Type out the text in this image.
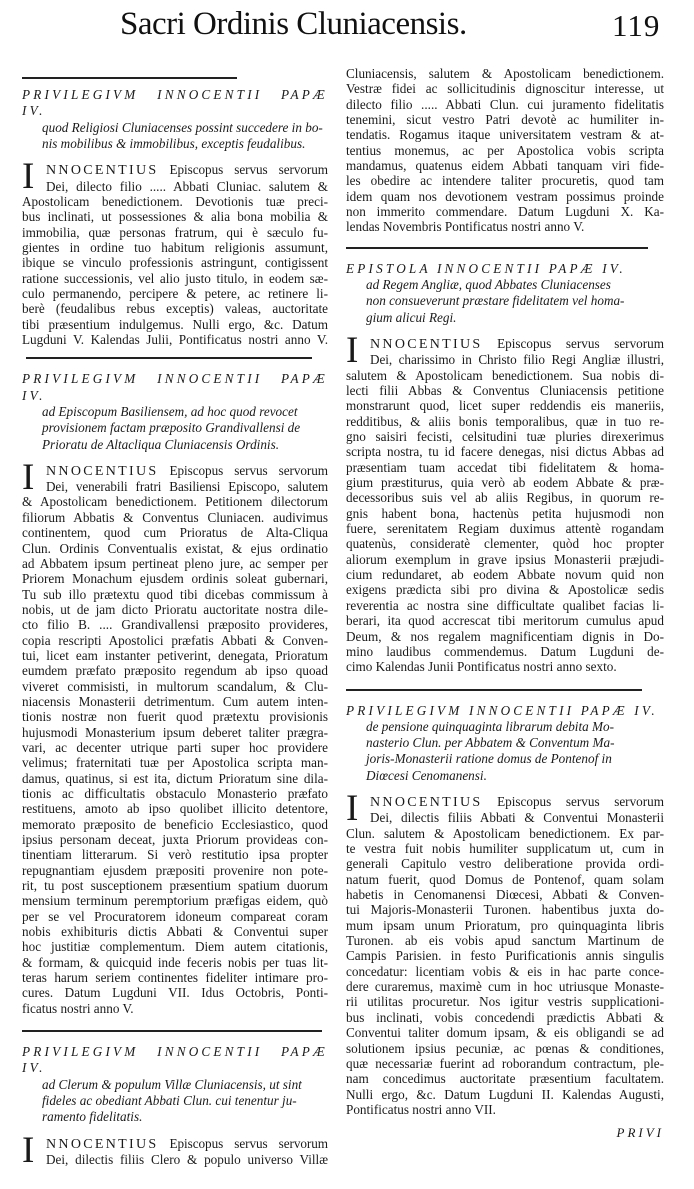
Sacri Ordinis Cluniacensis.	119
PRIVILEGIVM INNOCENTII PAPÆ IV.
quod Religiosi Cluniacenses possint succedere in bo-
nis mobilibus & immobilibus, exceptis feudalibus.
I NNOCENTIUS Episcopus servus servorum
Dei, dilecto filio ..... Abbati Cluniac. salutem &
Apostolicam benedictionem. Devotionis tuæ preci-
bus inclinati, ut possessiones & alia bona mobilia &
immobilia, quæ personas fratrum, qui è sæculo fu-
gientes in ordine tuo habitum religionis assumunt,
ibique se vinculo professionis astringunt, contigissent
ratione successionis, vel alio justo titulo, in eodem sæ-
culo permanendo, percipere & petere, ac retinere li-
berè (feudalibus rebus exceptis) valeas, auctoritate
tibi præsentium indulgemus. Nulli ergo, &c. Datum
Lugduni V. Kalendas Julii, Pontificatus nostri anno V.
PRIVILEGIVM INNOCENTII PAPÆ IV.
ad Episcopum Basiliensem, ad hoc quod revocet
provisionem factam præposito Grandivallensi de
Prioratu de Altacliqua Cluniacensis Ordinis.
I NNOCENTIUS Episcopus servus servorum
Dei, venerabili fratri Basiliensi Episcopo, salutem
& Apostolicam benedictionem. Petitionem dilectorum
filiorum Abbatis & Conventus Cluniacen. audivimus
continentem, quod cum Prioratus de Alta-Cliqua
Clun. Ordinis Conventualis existat, & ejus ordinatio
ad Abbatem ipsum pertineat pleno jure, ac semper per
Priorem Monachum ejusdem ordinis soleat gubernari,
Tu sub illo prætextu quod tibi dicebas commissum à
nobis, ut de jam dicto Prioratu auctoritate nostra dile-
cto filio B. .... Grandivallensi præposito provideres,
copia rescripti Apostolici præfatis Abbati & Conven-
tui, licet eam instanter petiverint, denegata, Prioratum
eumdem præfato præposito regendum ab ipso quoad
viveret commisisti, in multorum scandalum, & Clu-
niacensis Monasterii detrimentum. Cum autem inten-
tionis nostræ non fuerit quod prætextu provisionis
hujusmodi Monasterium ipsum deberet taliter prægra-
vari, ac decenter utrique parti super hoc providere
velimus; fraternitati tuæ per Apostolica scripta man-
damus, quatinus, si est ita, dictum Prioratum sine dila-
tionis ac difficultatis obstaculo Monasterio præfato
restituens, amoto ab ipso quolibet illicito detentore,
memorato præposito de beneficio Ecclesiastico, quod
ipsius personam deceat, juxta Priorum provideas con-
tinentiam litterarum. Si verò restitutio ipsa propter
repugnantiam ejusdem præpositi provenire non pote-
rit, tu post susceptionem præsentium spatium duorum
mensium terminum peremptorium præfigas eidem, quò
per se vel Procuratorem idoneum compareat coram
nobis exhibituris dictis Abbati & Conventui super
hoc justitiæ complementum. Diem autem citationis,
& formam, & quicquid inde feceris nobis per tuas lit-
teras harum seriem continentes fideliter intimare pro-
cures. Datum Lugduni VII. Idus Octobris, Ponti-
ficatus nostri anno V.
PRIVILEGIVM INNOCENTII PAPÆ IV.
ad Clerum & populum Villæ Cluniacensis, ut sint
fideles ac obediant Abbati Clun. cui tenentur ju-
ramento fidelitatis.
I NNOCENTIUS Episcopus servus servorum
Dei, dilectis filiis Clero & populo universo Villæ
Cluniacensis, salutem & Apostolicam benedictionem.
Vestræ fidei ac sollicitudinis dignoscitur interesse, ut
dilecto filio ..... Abbati Clun. cui juramento fidelitatis
tenemini, sicut vestro Patri devotè ac humiliter in-
tendatis. Rogamus itaque universitatem vestram & at-
tentius monemus, ac per Apostolica vobis scripta
mandamus, quatenus eidem Abbati tanquam viri fide-
les obedire ac intendere taliter procuretis, quod tam
idem quam nos devotionem vestram possimus proinde
non immerito commendare. Datum Lugduni X. Ka-
lendas Novembris Pontificatus nostri anno V.
EPISTOLA INNOCENTII PAPÆ IV.
ad Regem Angliæ, quod Abbates Cluniacenses
non consueverunt præstare fidelitatem vel homa-
gium alicui Regi.
I NNOCENTIUS Episcopus servus servorum
Dei, charissimo in Christo filio Regi Angliæ illustri,
salutem & Apostolicam benedictionem. Sua nobis di-
lecti filii Abbas & Conventus Cluniacensis petitione
monstrarunt quod, licet super reddendis eis maneriis,
redditibus, & aliis bonis temporalibus, quæ in tuo re-
gno saisiri fecisti, celsitudini tuæ pluries direxerimus
scripta nostra, tu id facere denegas, nisi dictus Abbas ad
præsentiam tuam accedat tibi fidelitatem & homa-
gium præstiturus, quia verò ab eodem Abbate & præ-
decessoribus suis vel ab aliis Regibus, in quorum re-
gnis habent bona, hactenùs petita hujusmodi non
fuere, serenitatem Regiam duximus attentè rogandam
quatenùs, consideratè clementer, quòd hoc propter
aliorum exemplum in grave ipsius Monasterii præjudi-
cium redundaret, ab eodem Abbate novum quid non
exigens prædicta sibi pro divina & Apostolicæ sedis
reverentia ac nostra sine difficultate qualibet facias li-
berari, ita quod accrescat tibi meritorum cumulus apud
Deum, & nos regalem magnificentiam dignis in Do-
mino laudibus commendemus. Datum Lugduni de-
cimo Kalendas Junii Pontificatus nostri anno sexto.
PRIVILEGIVM INNOCENTII PAPÆ IV.
de pensione quinquaginta librarum debita Mo-
nasterio Clun. per Abbatem & Conventum Ma-
joris-Monasterii ratione domus de Pontenof in
Diœcesi Cenomanensi.
I NNOCENTIUS Episcopus servus servorum
Dei, dilectis filiis Abbati & Conventui Monasterii
Clun. salutem & Apostolicam benedictionem. Ex par-
te vestra fuit nobis humiliter supplicatum ut, cum in
generali Capitulo vestro deliberatione provida ordi-
natum fuerit, quod Domus de Pontenof, quam solam
habetis in Cenomanensi Diœcesi, Abbati & Conven-
tui Majoris-Monasterii Turonen. habentibus juxta do-
mum ipsam unum Prioratum, pro quinquaginta libris
Turonen. ab eis vobis apud sanctum Martinum de
Campis Parisien. in festo Purificationis annis singulis
concedatur: licentiam vobis & eis in hac parte conce-
dere curaremus, maximè cum in hoc utriusque Monaste-
rii utilitas procuretur. Nos igitur vestris supplicationi-
bus inclinati, vobis concedendi prædictis Abbati &
Conventui taliter domum ipsam, & eis obligandi se ad
solutionem ipsius pecuniæ, ac pœnas & conditiones,
quæ necessariæ fuerint ad roborandum contractum, ple-
nam concedimus auctoritate præsentium facultatem.
Nulli ergo, &c. Datum Lugduni II. Kalendas Augusti,
Pontificatus nostri anno VII.
PRIVI
